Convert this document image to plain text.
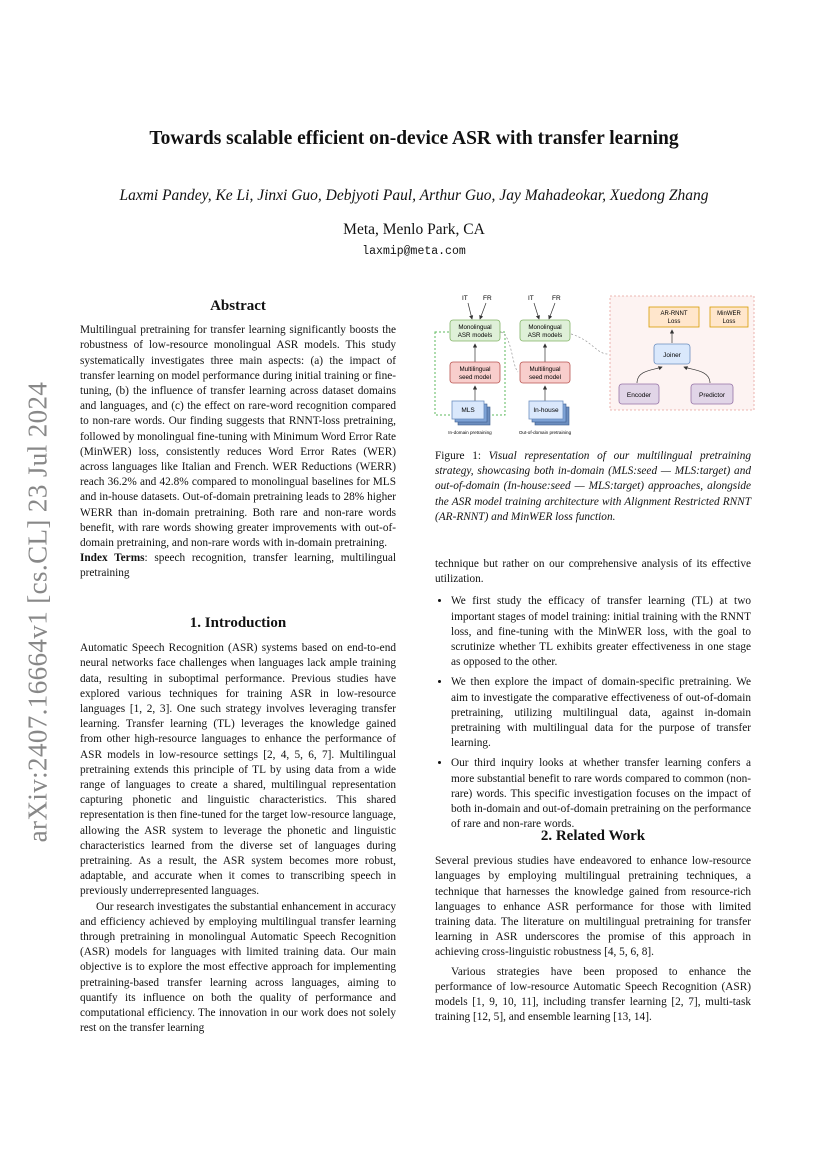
arXiv:2407.16664v1 [cs.CL] 23 Jul 2024
Towards scalable efficient on-device ASR with transfer learning
Laxmi Pandey, Ke Li, Jinxi Guo, Debjyoti Paul, Arthur Guo, Jay Mahadeokar, Xuedong Zhang
Meta, Menlo Park, CA
laxmip@meta.com
Abstract

Multilingual pretraining for transfer learning significantly boosts the robustness of low-resource monolingual ASR models. This study systematically investigates three main aspects: (a) the impact of transfer learning on model performance during initial training or fine-tuning, (b) the influence of transfer learning across dataset domains and languages, and (c) the effect on rare-word recognition compared to non-rare words. Our finding suggests that RNNT-loss pretraining, followed by monolingual fine-tuning with Minimum Word Error Rate (MinWER) loss, consistently reduces Word Error Rates (WER) across languages like Italian and French. WER Reductions (WERR) reach 36.2% and 42.8% compared to monolingual baselines for MLS and in-house datasets. Out-of-domain pretraining leads to 28% higher WERR than in-domain pretraining. Both rare and non-rare words benefit, with rare words showing greater improvements with out-of-domain pretraining, and non-rare words with in-domain pretraining.

Index Terms: speech recognition, transfer learning, multilingual pretraining

1. Introduction

Automatic Speech Recognition (ASR) systems based on end-to-end neural networks face challenges when languages lack ample training data, resulting in suboptimal performance. Previous studies have explored various techniques for training ASR in low-resource languages [1, 2, 3]. One such strategy involves leveraging transfer learning. Transfer learning (TL) leverages the knowledge gained from other high-resource languages to enhance the performance of ASR models in low-resource settings [2, 4, 5, 6, 7]. Multilingual pretraining extends this principle of TL by using data from a wide range of languages to create a shared, multilingual representation capturing phonetic and linguistic characteristics. This shared representation is then fine-tuned for the target low-resource language, allowing the ASR system to leverage the phonetic and linguistic characteristics learned from the diverse set of languages during pretraining. As a result, the ASR system becomes more robust, adaptable, and accurate when it comes to transcribing speech in previously underrepresented languages.

Our research investigates the substantial enhancement in accuracy and efficiency achieved by employing multilingual transfer learning through pretraining in monolingual Automatic Speech Recognition (ASR) models for languages with limited training data. Our main objective is to explore the most effective approach for implementing pretraining-based transfer learning across languages, aiming to quantify its influence on both the quality of performance and computational efficiency. The innovation in our work does not solely rest on the transfer learning

IT FR
Monolingual
ASR models
Multilingual
seed model
MLS
In-domain pretraining
IT	FR
Monolingual
ASR models
Multilingual
seed model
In-house
Out-of-domain pretraining
AR-RNNT
Loss
MinWER
Loss
Joiner
Encoder	Predictor
Figure 1: Visual representation of our multilingual pretraining strategy, showcasing both in-domain (MLS:seed — MLS:target) and out-of-domain (In-house:seed — MLS:target) approaches, alongside the ASR model training architecture with Alignment Restricted RNNT (AR-RNNT) and MinWER loss function.

technique but rather on our comprehensive analysis of its effective utilization.

• We first study the efficacy of transfer learning (TL) at two important stages of model training: initial training with the RNNT loss, and fine-tuning with the MinWER loss, with the goal to scrutinize whether TL exhibits greater effectiveness in one stage as opposed to the other.
• We then explore the impact of domain-specific pretraining. We aim to investigate the comparative effectiveness of out-of-domain pretraining, utilizing multilingual data, against in-domain pretraining with multilingual data for the purpose of transfer learning.
• Our third inquiry looks at whether transfer learning confers a more substantial benefit to rare words compared to common (non-rare) words. This specific investigation focuses on the impact of both in-domain and out-of-domain pretraining on the performance of rare and non-rare words.
2. Related Work

Several previous studies have endeavored to enhance low-resource languages by employing multilingual pretraining techniques, a technique that harnesses the knowledge gained from resource-rich languages to enhance ASR performance for those with limited training data. The literature on multilingual pretraining for transfer learning in ASR underscores the promise of this approach in achieving cross-linguistic robustness [4, 5, 6, 8].

Various strategies have been proposed to enhance the performance of low-resource Automatic Speech Recognition (ASR) models [1, 9, 10, 11], including transfer learning [2, 7], multi-task training [12, 5], and ensemble learning [13, 14].
